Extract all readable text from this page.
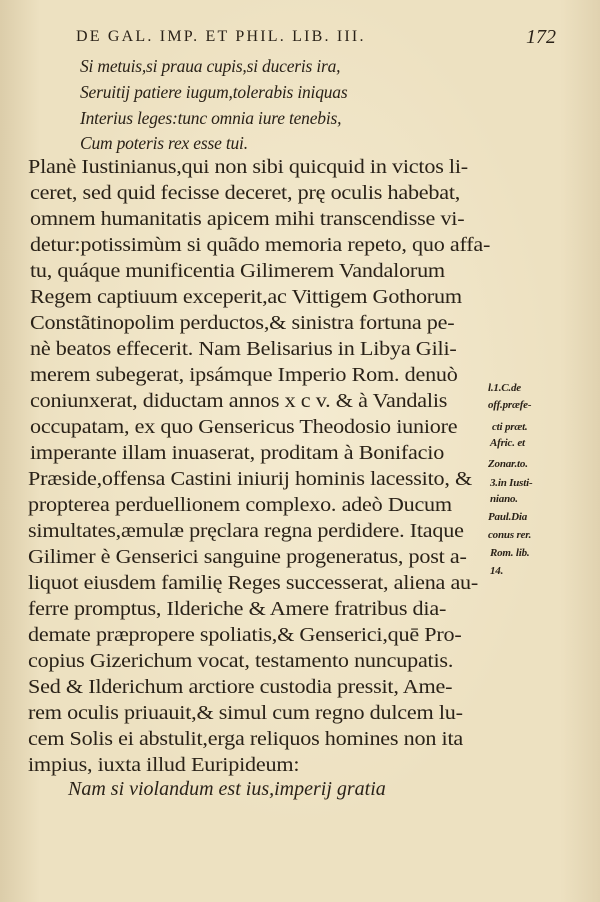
DE GAL. IMP. ET PHIL. LIB. III.	172
Si metuis,si praua cupis,si duceris ira,
Seruitij patiere iugum,tolerabis iniquas
Interius leges:tunc omnia iure tenebis,
Cum poteris rex esse tui.
Planè Iustinianus,qui non sibi quicquid in victos li-
ceret, sed quid fecisse deceret, prę oculis habebat,
omnem humanitatis apicem mihi transcendisse vi-
detur:potissimùm si quãdo memoria repeto, quo affa-
tu, quáque munificentia Gilimerem Vandalorum
Regem captiuum exceperit,ac Vittigem Gothorum
Constãtinopolim perductos,& sinistra fortuna pe-
nè beatos effecerit. Nam Belisarius in Libya Gili-
merem subegerat, ipsámque Imperio Rom. denuò
coniunxerat, diductam annos x c v. & à Vandalis
occupatam, ex quo Gensericus Theodosio iuniore
imperante illam inuaserat, proditam à Bonifacio
Præside,offensa Castini iniurij hominis lacessito, &
propterea perduellionem complexo. adeò Ducum
simultates,æmulæ pręclara regna perdidere. Itaque
Gilimer è Genserici sanguine progeneratus, post a-
liquot eiusdem familię Reges successerat, aliena au-
ferre promptus, Ilderiche & Amere fratribus dia-
demate præpropere spoliatis,& Genserici,quē Pro-
copius Gizerichum vocat, testamento nuncupatis.
Sed & Ilderichum arctiore custodia pressit, Ame-
rem oculis priuauit,& simul cum regno dulcem lu-
cem Solis ei abstulit,erga reliquos homines non ita
impius, iuxta illud Euripideum:
Nam si violandum est ius,imperij gratia
l.1.C.de
off.præfe-
cti præt.
Afric. et
Zonar.to.
3.in Iusti-
niano.
Paul.Dia
conus rer.
Rom. lib.
14.
